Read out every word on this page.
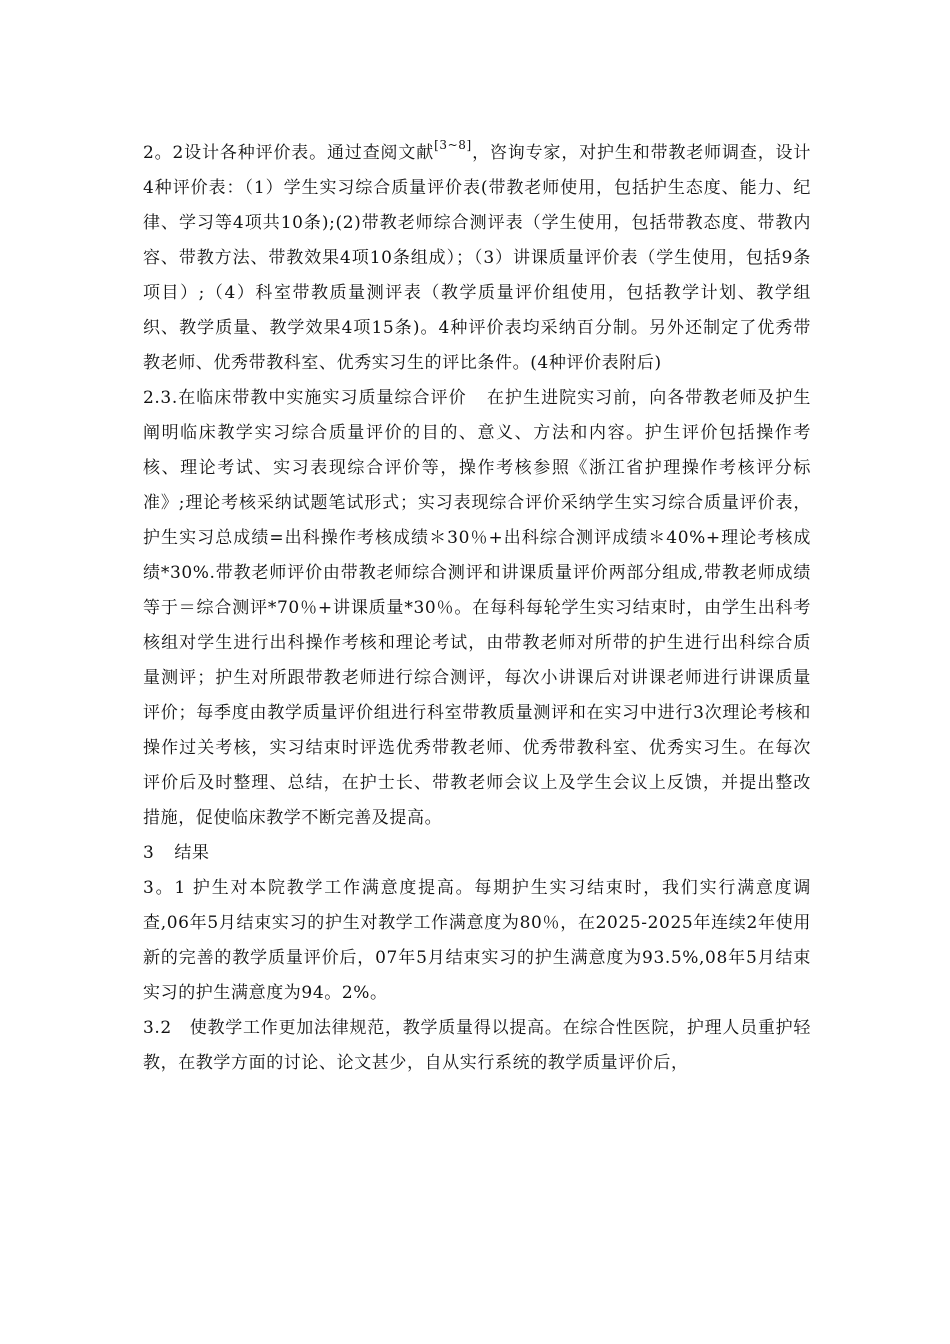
2。2设计各种评价表。通过查阅文献[3~8]，咨询专家，对护生和带教老师调查，设计4种评价表：（1）学生实习综合质量评价表(带教老师使用，包括护生态度、能力、纪律、学习等4项共10条);(2)带教老师综合测评表（学生使用，包括带教态度、带教内容、带教方法、带教效果4项10条组成）；（3）讲课质量评价表（学生使用，包括9条项目）;（4）科室带教质量测评表（教学质量评价组使用，包括教学计划、教学组织、教学质量、教学效果4项15条)。4种评价表均采纳百分制。另外还制定了优秀带教老师、优秀带教科室、优秀实习生的评比条件。(4种评价表附后)

2.3.在临床带教中实施实习质量综合评价 在护生进院实习前，向各带教老师及护生阐明临床教学实习综合质量评价的目的、意义、方法和内容。护生评价包括操作考核、理论考试、实习表现综合评价等，操作考核参照《浙江省护理操作考核评分标准》;理论考核采纳试题笔试形式；实习表现综合评价采纳学生实习综合质量评价表，护生实习总成绩=出科操作考核成绩＊30％+出科综合测评成绩＊40%+理论考核成绩*30%.带教老师评价由带教老师综合测评和讲课质量评价两部分组成,带教老师成绩等于＝综合测评*70％+讲课质量*30％。在每科每轮学生实习结束时，由学生出科考核组对学生进行出科操作考核和理论考试，由带教老师对所带的护生进行出科综合质量测评；护生对所跟带教老师进行综合测评，每次小讲课后对讲课老师进行讲课质量评价；每季度由教学质量评价组进行科室带教质量测评和在实习中进行3次理论考核和操作过关考核，实习结束时评选优秀带教老师、优秀带教科室、优秀实习生。在每次评价后及时整理、总结，在护士长、带教老师会议上及学生会议上反馈，并提出整改措施，促使临床教学不断完善及提高。

3 结果

3。1 护生对本院教学工作满意度提高。每期护生实习结束时，我们实行满意度调查,06年5月结束实习的护生对教学工作满意度为80％，在2025-2025年连续2年使用新的完善的教学质量评价后，07年5月结束实习的护生满意度为93.5%,08年5月结束实习的护生满意度为94。2%。

3.2　使教学工作更加法律规范，教学质量得以提高。在综合性医院，护理人员重护轻教，在教学方面的讨论、论文甚少，自从实行系统的教学质量评价后，
